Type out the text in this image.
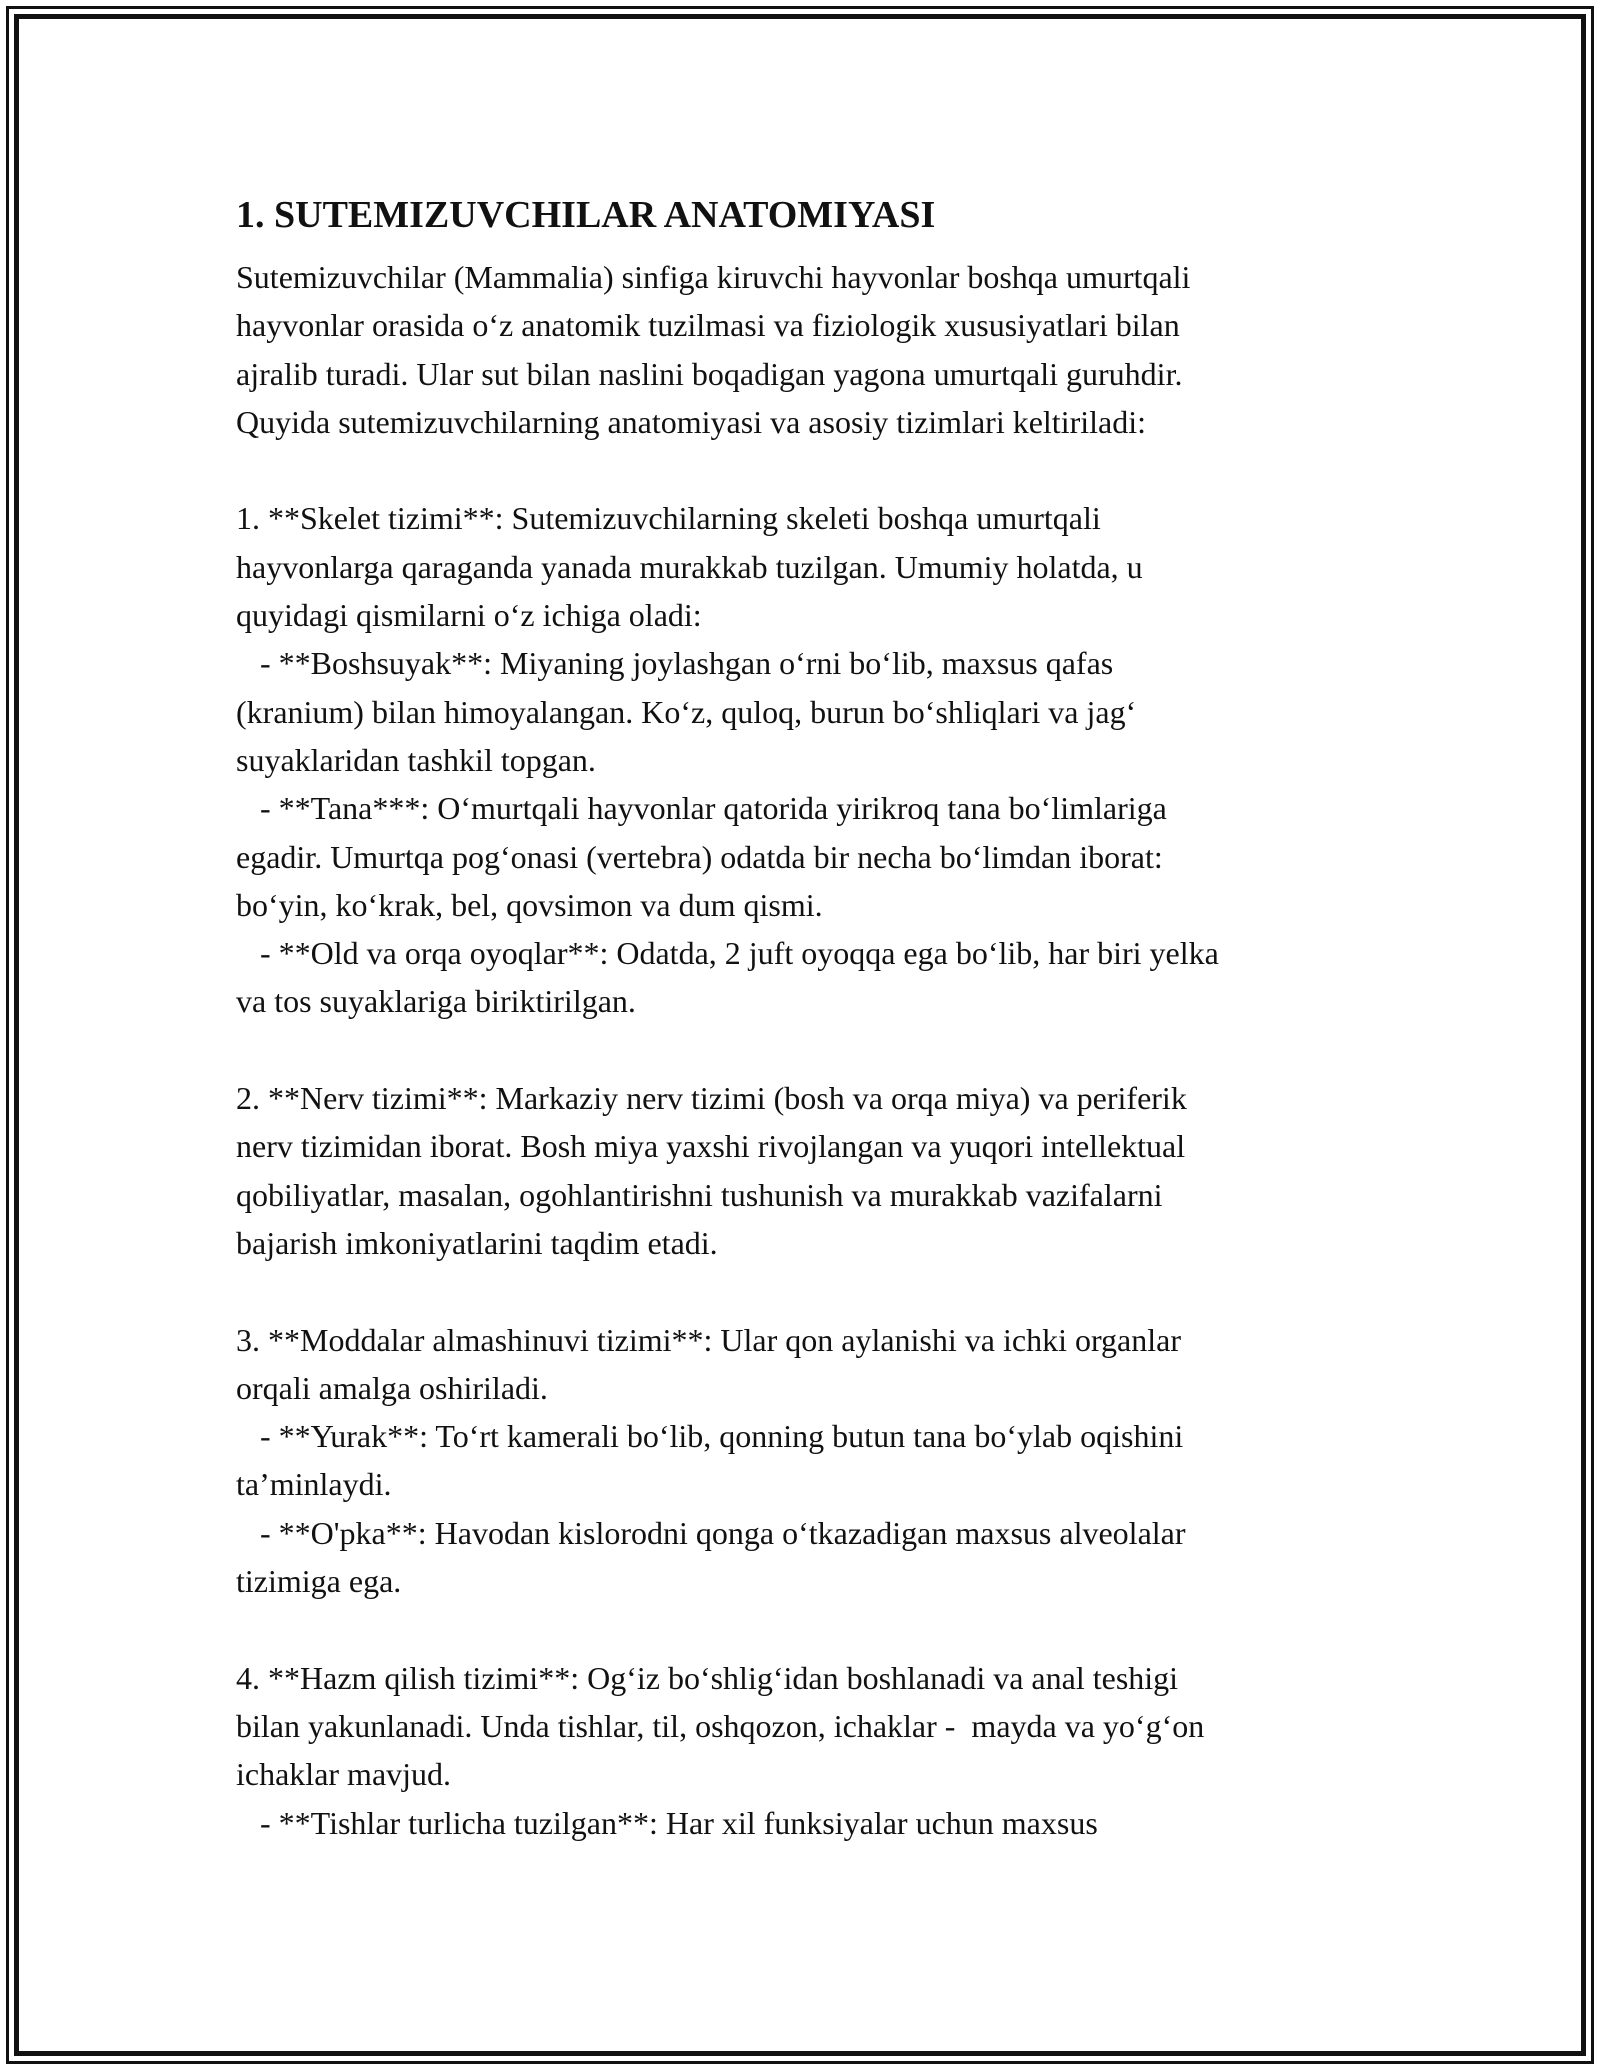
1. SUTEMIZUVCHILAR ANATOMIYASI
Sutemizuvchilar (Mammalia) sinfiga kiruvchi hayvonlar boshqa umurtqali
hayvonlar orasida o‘z anatomik tuzilmasi va fiziologik xususiyatlari bilan
ajralib turadi. Ular sut bilan naslini boqadigan yagona umurtqali guruhdir.
Quyida sutemizuvchilarning anatomiyasi va asosiy tizimlari keltiriladi:
1. **Skelet tizimi**: Sutemizuvchilarning skeleti boshqa umurtqali
hayvonlarga qaraganda yanada murakkab tuzilgan. Umumiy holatda, u
quyidagi qismilarni o‘z ichiga oladi:
- **Boshsuyak**: Miyaning joylashgan o‘rni bo‘lib, maxsus qafas
(kranium) bilan himoyalangan. Ko‘z, quloq, burun bo‘shliqlari va jag‘
suyaklaridan tashkil topgan.
- **Tana***: O‘murtqali hayvonlar qatorida yirikroq tana bo‘limlariga
egadir. Umurtqa pog‘onasi (vertebra) odatda bir necha bo‘limdan iborat:
bo‘yin, ko‘krak, bel, qovsimon va dum qismi.
- **Old va orqa oyoqlar**: Odatda, 2 juft oyoqqa ega bo‘lib, har biri yelka
va tos suyaklariga biriktirilgan.
2. **Nerv tizimi**: Markaziy nerv tizimi (bosh va orqa miya) va periferik
nerv tizimidan iborat. Bosh miya yaxshi rivojlangan va yuqori intellektual
qobiliyatlar, masalan, ogohlantirishni tushunish va murakkab vazifalarni
bajarish imkoniyatlarini taqdim etadi.
3. **Moddalar almashinuvi tizimi**: Ular qon aylanishi va ichki organlar
orqali amalga oshiriladi.
- **Yurak**: To‘rt kamerali bo‘lib, qonning butun tana bo‘ylab oqishini
ta’minlaydi.
- **O'pka**: Havodan kislorodni qonga o‘tkazadigan maxsus alveolalar
tizimiga ega.
4. **Hazm qilish tizimi**: Og‘iz bo‘shlig‘idan boshlanadi va anal teshigi
bilan yakunlanadi. Unda tishlar, til, oshqozon, ichaklar -  mayda va yo‘g‘on
ichaklar mavjud.
- **Tishlar turlicha tuzilgan**: Har xil funksiyalar uchun maxsus
